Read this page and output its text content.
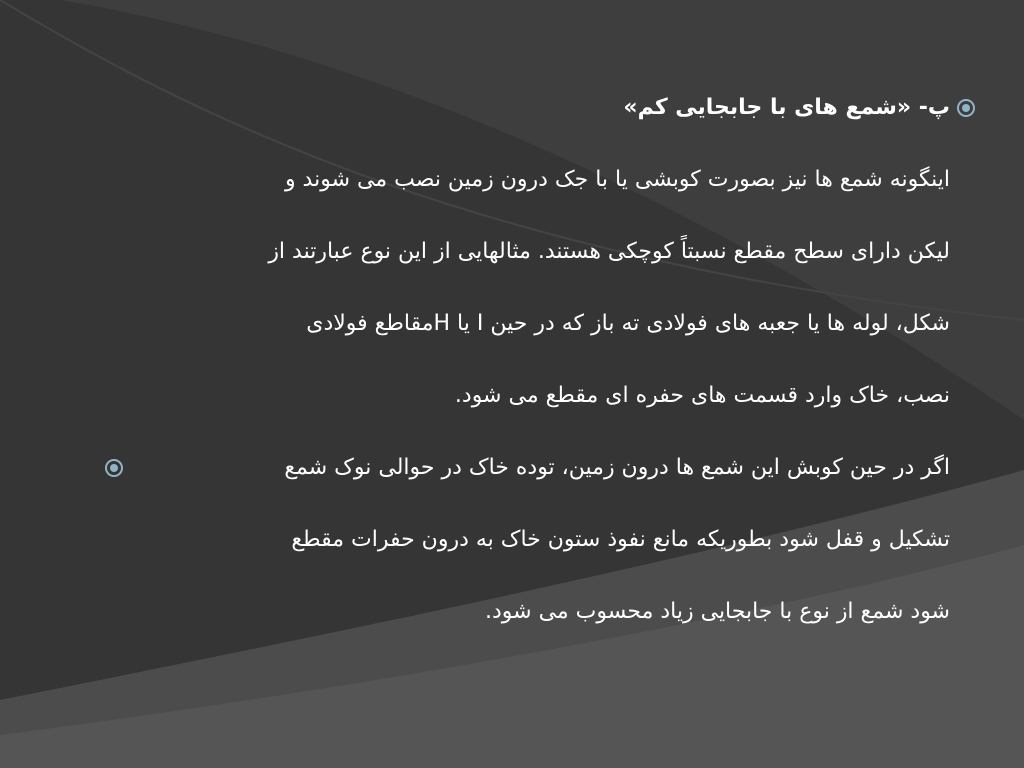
پ- «شمع های با جابجایی کم»
اینگونه شمع ها نیز بصورت کوبشی یا با جک درون زمین نصب می شوند و
لیکن دارای سطح مقطع نسبتاً کوچکی هستند. مثالهایی از این نوع عبارتند از
شکل، لوله ها یا جعبه های فولادی ته باز که در حین I یا Hمقاطع فولادی
نصب، خاک وارد قسمت های حفره ای مقطع می شود.
اگر در حین کوبش این شمع ها درون زمین، توده خاک در حوالی نوک شمع
تشکیل و قفل شود بطوریکه مانع نفوذ ستون خاک به درون حفرات مقطع
شود شمع از نوع با جابجایی زیاد محسوب می شود.
